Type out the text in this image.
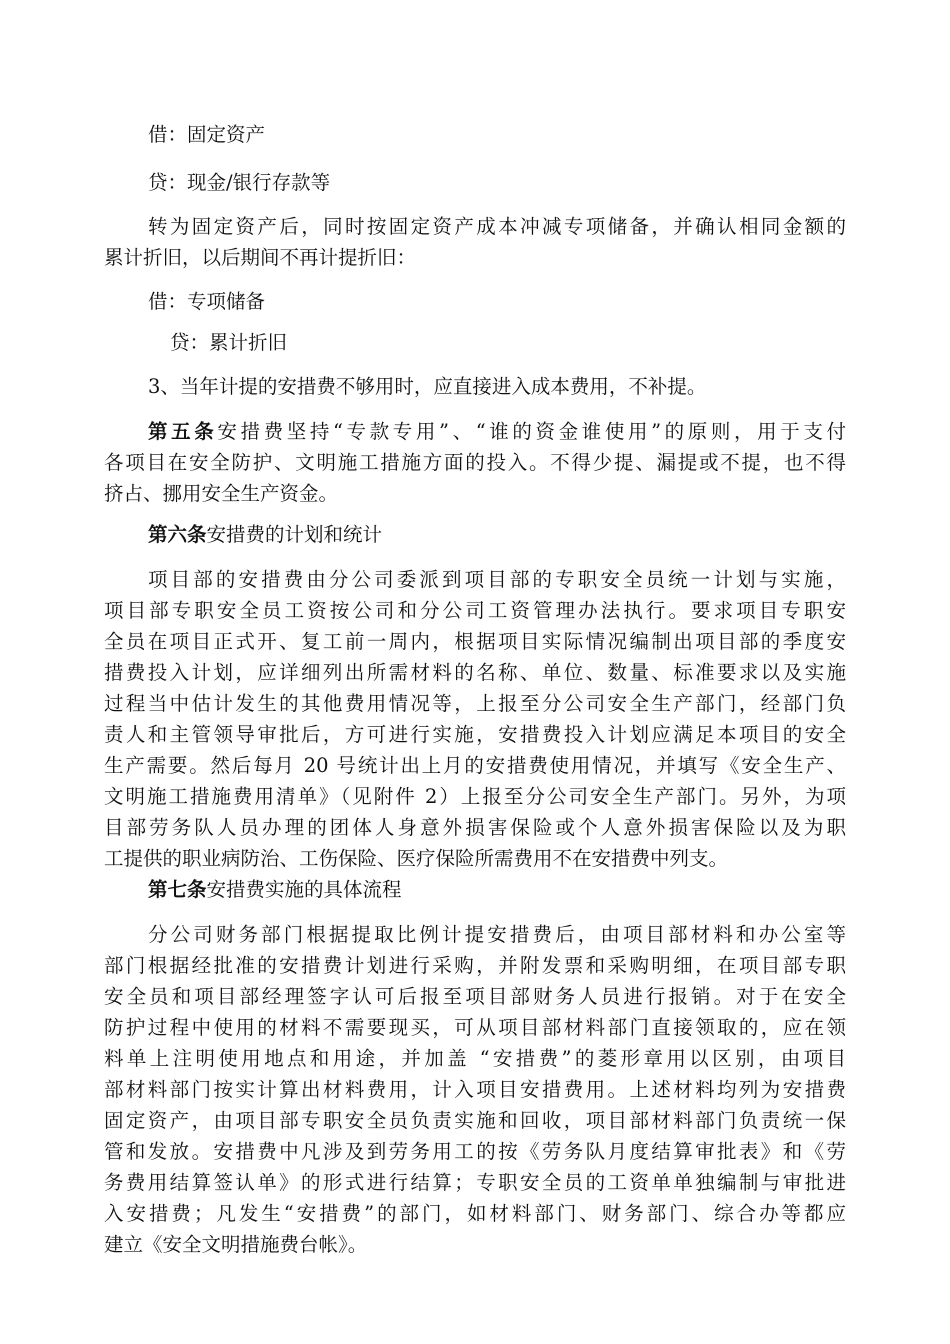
借：固定资产
贷：现金/银行存款等
转为固定资产后，同时按固定资产成本冲减专项储备，并确认相同金额的
累计折旧，以后期间不再计提折旧：
借：专项储备
贷：累计折旧
3、当年计提的安措费不够用时，应直接进入成本费用，不补提。
第五条安措费坚持“专款专用”、“谁的资金谁使用”的原则，用于支付
各项目在安全防护、文明施工措施方面的投入。不得少提、漏提或不提，也不得
挤占、挪用安全生产资金。
第六条安措费的计划和统计
项目部的安措费由分公司委派到项目部的专职安全员统一计划与实施，
项目部专职安全员工资按公司和分公司工资管理办法执行。要求项目专职安
全员在项目正式开、复工前一周内，根据项目实际情况编制出项目部的季度安
措费投入计划，应详细列出所需材料的名称、单位、数量、标准要求以及实施
过程当中估计发生的其他费用情况等，上报至分公司安全生产部门，经部门负
责人和主管领导审批后，方可进行实施，安措费投入计划应满足本项目的安全
生产需要。然后每月 20 号统计出上月的安措费使用情况，并填写《安全生产、
文明施工措施费用清单》（见附件 2）上报至分公司安全生产部门。另外，为项
目部劳务队人员办理的团体人身意外损害保险或个人意外损害保险以及为职
工提供的职业病防治、工伤保险、医疗保险所需费用不在安措费中列支。
第七条安措费实施的具体流程
分公司财务部门根据提取比例计提安措费后，由项目部材料和办公室等
部门根据经批准的安措费计划进行采购，并附发票和采购明细，在项目部专职
安全员和项目部经理签字认可后报至项目部财务人员进行报销。对于在安全
防护过程中使用的材料不需要现买，可从项目部材料部门直接领取的，应在领
料单上注明使用地点和用途，并加盖 “安措费”的菱形章用以区别，由项目
部材料部门按实计算出材料费用，计入项目安措费用。上述材料均列为安措费
固定资产，由项目部专职安全员负责实施和回收，项目部材料部门负责统一保
管和发放。安措费中凡涉及到劳务用工的按《劳务队月度结算审批表》和《劳
务费用结算签认单》的形式进行结算；专职安全员的工资单单独编制与审批进
入安措费；凡发生“安措费”的部门，如材料部门、财务部门、综合办等都应
建立《安全文明措施费台帐》。
